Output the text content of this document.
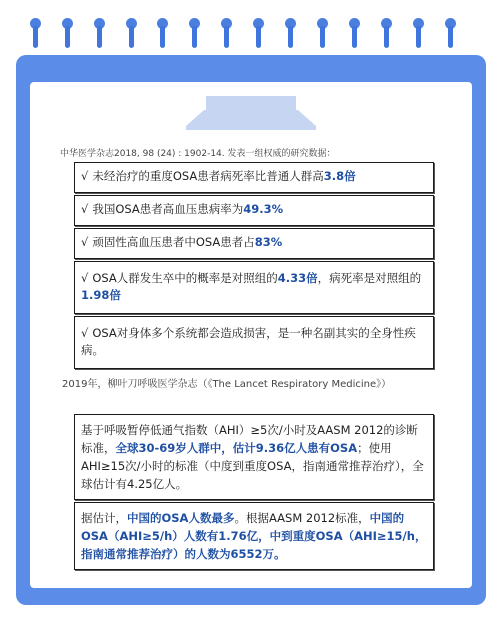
中华医学杂志2018, 98 (24) : 1902-14. 发表一组权威的研究数据：
√ 未经治疗的重度OSA患者病死率比普通人群高3.8倍
√ 我国OSA患者高血压患病率为49.3%
√ 顽固性高血压患者中OSA患者占83%
√ OSA人群发生卒中的概率是对照组的4.33倍，病死率是对照组的1.98倍
√ OSA对身体多个系统都会造成损害，是一种名副其实的全身性疾病。
2019年，柳叶刀呼吸医学杂志（《The Lancet Respiratory Medicine》）
基于呼吸暂停低通气指数（AHI）≥5次/小时及AASM 2012的诊断标准，全球30-69岁人群中，估计9.36亿人患有OSA；使用AHI≥15次/小时的标准（中度到重度OSA，指南通常推荐治疗），全球估计有4.25亿人。
据估计，中国的OSA人数最多。根据AASM 2012标准，中国的OSA（AHI≥5/h）人数有1.76亿，中到重度OSA（AHI≥15/h，指南通常推荐治疗）的人数为6552万。
